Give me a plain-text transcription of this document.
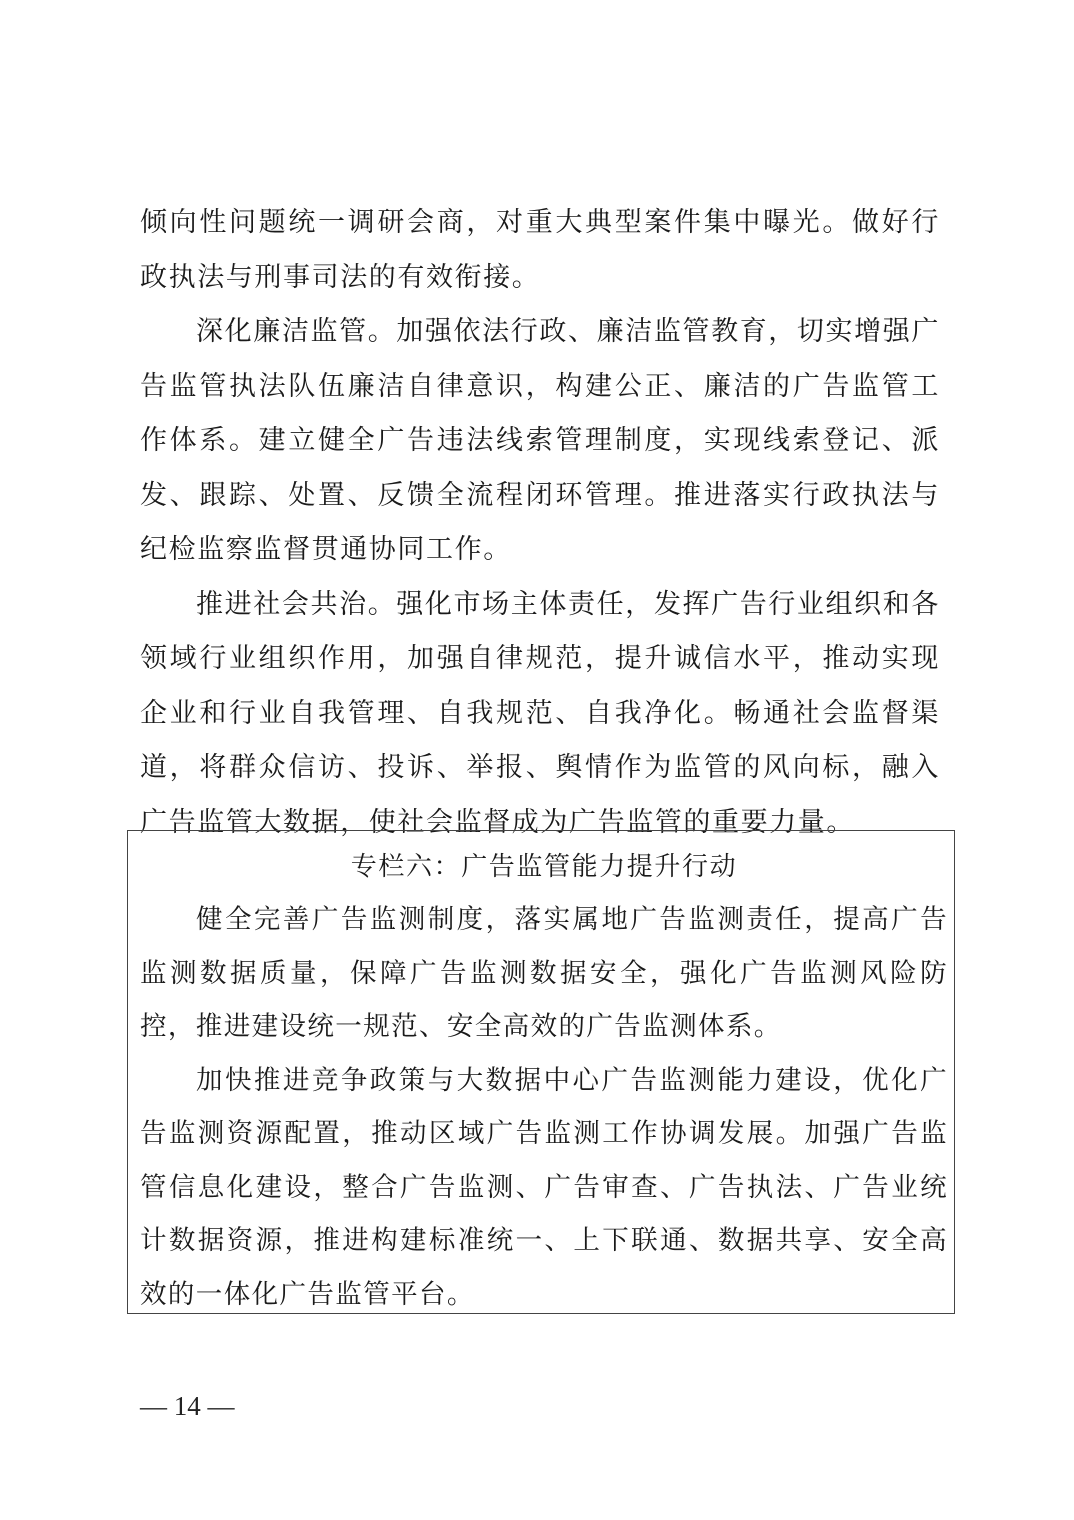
倾向性问题统一调研会商，对重大典型案件集中曝光。做好行政执法与刑事司法的有效衔接。

深化廉洁监管。加强依法行政、廉洁监管教育，切实增强广告监管执法队伍廉洁自律意识，构建公正、廉洁的广告监管工作体系。建立健全广告违法线索管理制度，实现线索登记、派发、跟踪、处置、反馈全流程闭环管理。推进落实行政执法与纪检监察监督贯通协同工作。

推进社会共治。强化市场主体责任，发挥广告行业组织和各领域行业组织作用，加强自律规范，提升诚信水平，推动实现企业和行业自我管理、自我规范、自我净化。畅通社会监督渠道，将群众信访、投诉、举报、舆情作为监管的风向标，融入广告监管大数据，使社会监督成为广告监管的重要力量。

专栏六：广告监管能力提升行动

健全完善广告监测制度，落实属地广告监测责任，提高广告监测数据质量，保障广告监测数据安全，强化广告监测风险防控，推进建设统一规范、安全高效的广告监测体系。

加快推进竞争政策与大数据中心广告监测能力建设，优化广告监测资源配置，推动区域广告监测工作协调发展。加强广告监管信息化建设，整合广告监测、广告审查、广告执法、广告业统计数据资源，推进构建标准统一、上下联通、数据共享、安全高效的一体化广告监管平台。

— 14 —
